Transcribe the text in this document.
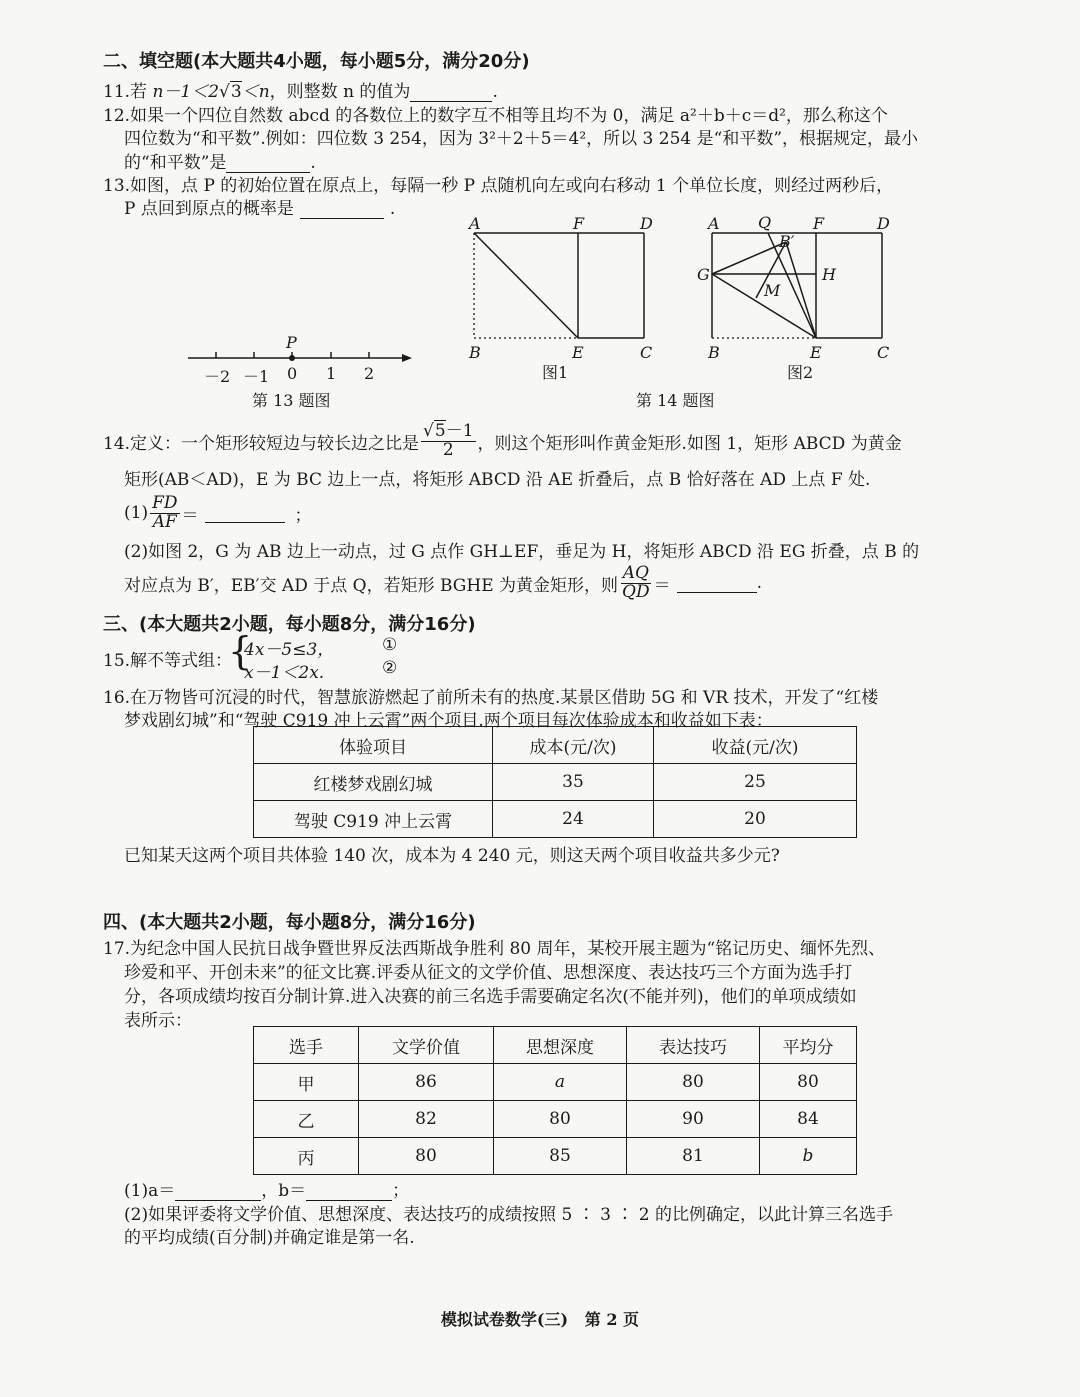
二、填空题(本大题共4小题，每小题5分，满分20分)
11.若 n－1＜2√3＜n，则整数 n 的值为	.
12.如果一个四位自然数 abcd 的各数位上的数字互不相等且均不为 0，满足 a²＋b＋c＝d²，那么称这个
四位数为“和平数”.例如：四位数 3 254，因为 3²＋2＋5＝4²，所以 3 254 是“和平数”，根据规定，最小
的“和平数”是	.
13.如图，点 P 的初始位置在原点上，每隔一秒 P 点随机向左或向右移动 1 个单位长度，则经过两秒后，
P 点回到原点的概率是	.
P
－2 －1 0 1 2
第 13 题图
A	F	D
B	E	C
图1
A Q	F	D
B′
G	H
M
B	E	C
图2
第 14 题图
14.定义：一个矩形较短边与较长边之比是 $\frac{√5-1}{2}$ ，则这个矩形叫作黄金矩形.如图 1，矩形 ABCD 为黄金
矩形(AB＜AD)，E 为 BC 边上一点，将矩形 ABCD 沿 AE 折叠后，点 B 恰好落在 AD 上点 F 处.
$(1) \frac{FD}{AF}$ ＝	；
(2)如图 2，G 为 AB 边上一动点，过 G 点作 GH⊥EF，垂足为 H，将矩形 ABCD 沿 EG 折叠，点 B 的
对应点为 B′，EB′交 AD 于点 Q，若矩形 BGHE 为黄金矩形，则 $\frac{AQ}{QD}$ ＝	.
三、(本大题共2小题，每小题8分，满分16分)
15.解不等式组：
{
4x－5≤3，	①
x－1＜2x.	②
16.在万物皆可沉浸的时代，智慧旅游燃起了前所未有的热度.某景区借助 5G 和 VR 技术，开发了“红楼
梦戏剧幻城”和“驾驶 C919 冲上云霄”两个项目.两个项目每次体验成本和收益如下表：
体验项目	成本(元/次)	收益(元/次)
红楼梦戏剧幻城	35	25
驾驶 C919 冲上云霄	24	20
已知某天这两个项目共体验 140 次，成本为 4 240 元，则这天两个项目收益共多少元?
四、(本大题共2小题，每小题8分，满分16分)
17.为纪念中国人民抗日战争暨世界反法西斯战争胜利 80 周年，某校开展主题为“铭记历史、缅怀先烈、
珍爱和平、开创未来”的征文比赛.评委从征文的文学价值、思想深度、表达技巧三个方面为选手打
分，各项成绩均按百分制计算.进入决赛的前三名选手需要确定名次(不能并列)，他们的单项成绩如
表所示：
选手	文学价值	思想深度	表达技巧	平均分
甲	86	a	80	80
乙	82	80	90	84
丙	80	85	81	b
(1)a＝	，b＝	；
(2)如果评委将文学价值、思想深度、表达技巧的成绩按照 5 ∶ 3 ∶ 2 的比例确定，以此计算三名选手
的平均成绩(百分制)并确定谁是第一名.
模拟试卷数学(三)   第 2 页
